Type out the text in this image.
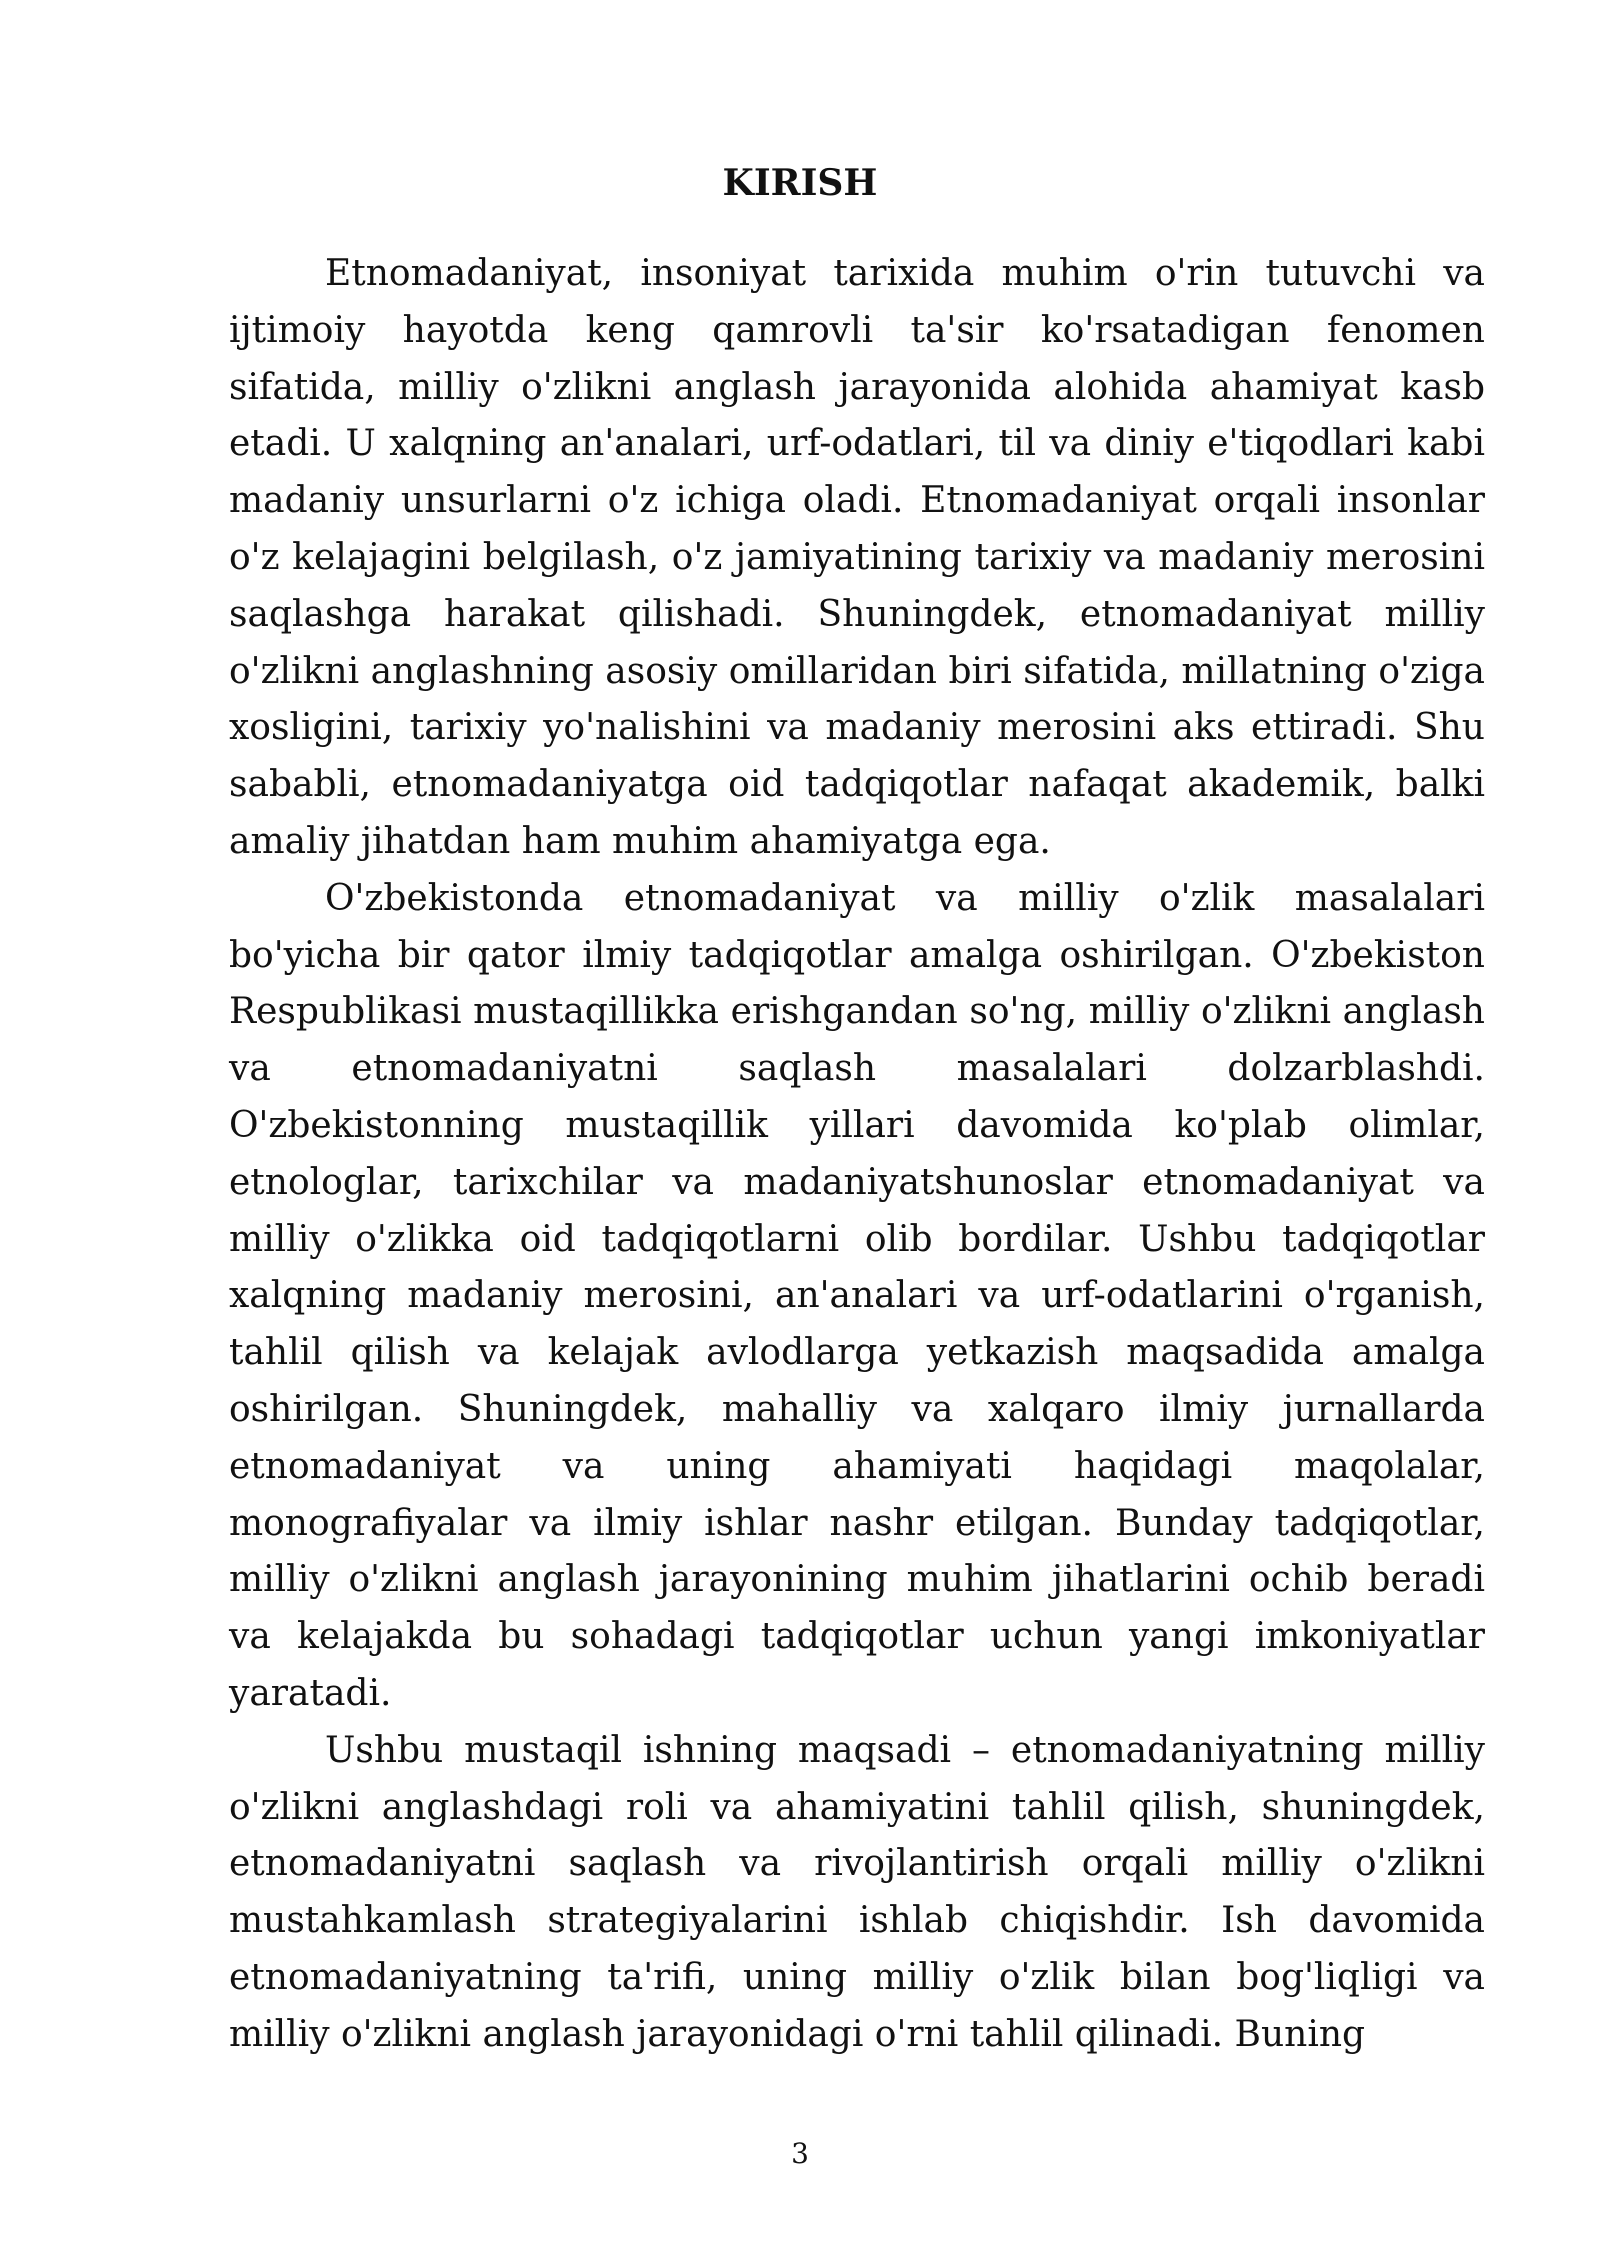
KIRISH

Etnomadaniyat, insoniyat tarixida muhim o'rin tutuvchi va ijtimoiy hayotda keng qamrovli ta'sir ko'rsatadigan fenomen sifatida, milliy o'zlikni anglash jarayonida alohida ahamiyat kasb etadi. U xalqning an'analari, urf-odatlari, til va diniy e'tiqodlari kabi madaniy unsurlarni o'z ichiga oladi. Etnomadaniyat orqali insonlar o'z kelajagini belgilash, o'z jamiyatining tarixiy va madaniy merosini saqlashga harakat qilishadi. Shuningdek, etnomadaniyat milliy o'zlikni anglashning asosiy omillaridan biri sifatida, millatning o'ziga xosligini, tarixiy yo'nalishini va madaniy merosini aks ettiradi. Shu sababli, etnomadaniyatga oid tadqiqotlar nafaqat akademik, balki amaliy jihatdan ham muhim ahamiyatga ega.

O'zbekistonda etnomadaniyat va milliy o'zlik masalalari bo'yicha bir qator ilmiy tadqiqotlar amalga oshirilgan. O'zbekiston Respublikasi mustaqillikka erishgandan so'ng, milliy o'zlikni anglash va etnomadaniyatni saqlash masalalari dolzarblashdi. O'zbekistonning mustaqillik yillari davomida ko'plab olimlar, etnologlar, tarixchilar va madaniyatshunoslar etnomadaniyat va milliy o'zlikka oid tadqiqotlarni olib bordilar. Ushbu tadqiqotlar xalqning madaniy merosini, an'analari va urf-odatlarini o'rganish, tahlil qilish va kelajak avlodlarga yetkazish maqsadida amalga oshirilgan. Shuningdek, mahalliy va xalqaro ilmiy jurnallarda etnomadaniyat va uning ahamiyati haqidagi maqolalar, monografiyalar va ilmiy ishlar nashr etilgan. Bunday tadqiqotlar, milliy o'zlikni anglash jarayonining muhim jihatlarini ochib beradi va kelajakda bu sohadagi tadqiqotlar uchun yangi imkoniyatlar yaratadi.

Ushbu mustaqil ishning maqsadi – etnomadaniyatning milliy o'zlikni anglashdagi roli va ahamiyatini tahlil qilish, shuningdek, etnomadaniyatni saqlash va rivojlantirish orqali milliy o'zlikni mustahkamlash strategiyalarini ishlab chiqishdir. Ish davomida etnomadaniyatning ta'rifi, uning milliy o'zlik bilan bog'liqligi va milliy o'zlikni anglash jarayonidagi o'rni tahlil qilinadi. Buning

3
